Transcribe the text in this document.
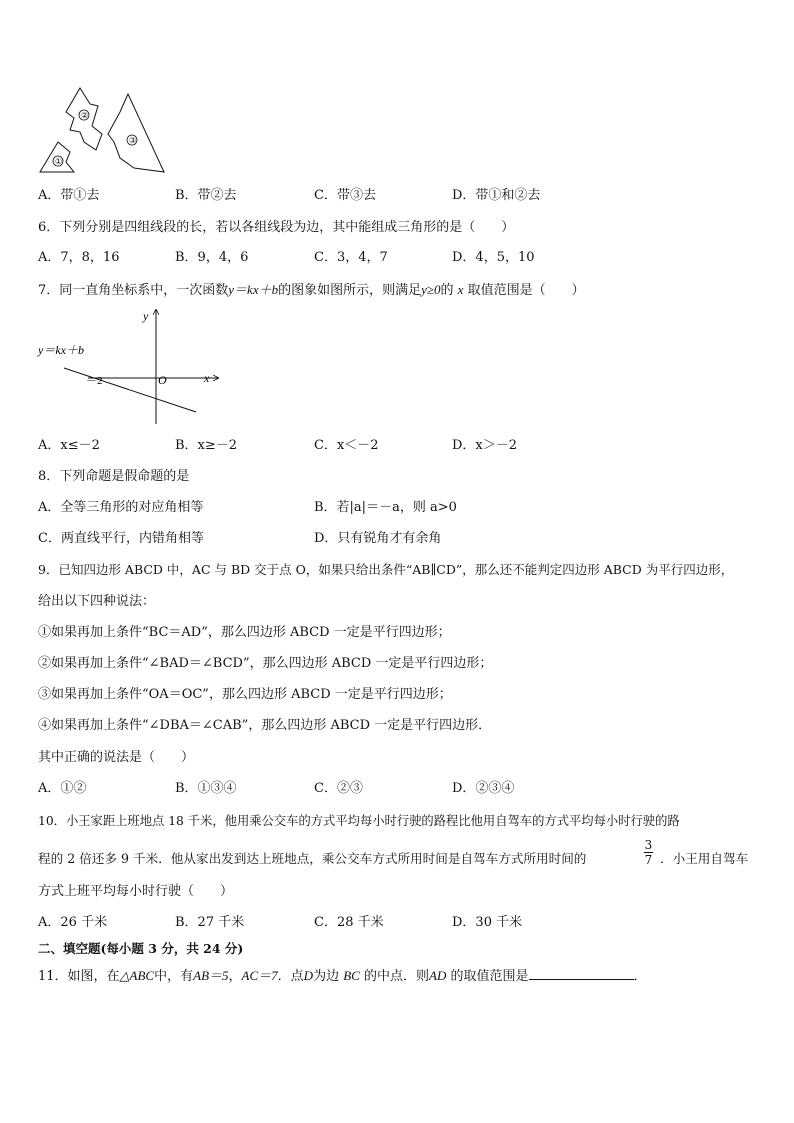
①
②
③
A．带①去	B．带②去	C．带③去	D．带①和②去
6．下列分别是四组线段的长，若以各组线段为边，其中能组成三角形的是（　　）
A．7，8，16	B．9，4，6	C．3，4，7	D．4，5，10
7．同一直角坐标系中，一次函数y＝kx＋b的图象如图所示，则满足y≥0的 x 取值范围是（　　）
y＝kx＋b
y
x
O
－2
A．x≤－2	B．x≥－2	C．x＜－2	D．x＞－2
8．下列命题是假命题的是
A．全等三角形的对应角相等	B．若|a|＝－a，则 a>0
C．两直线平行，内错角相等	D．只有锐角才有余角
9．已知四边形 ABCD 中，AC 与 BD 交于点 O，如果只给出条件“AB∥CD”，那么还不能判定四边形 ABCD 为平行四边形，
给出以下四种说法：
①如果再加上条件“BC＝AD”，那么四边形 ABCD 一定是平行四边形；
②如果再加上条件“∠BAD＝∠BCD”，那么四边形 ABCD 一定是平行四边形；
③如果再加上条件“OA＝OC”，那么四边形 ABCD 一定是平行四边形；
④如果再加上条件“∠DBA＝∠CAB”，那么四边形 ABCD 一定是平行四边形．
其中正确的说法是（　　）
A．①②	B．①③④	C．②③	D．②③④
10．小王家距上班地点 18 千米，他用乘公交车的方式平均每小时行驶的路程比他用自驾车的方式平均每小时行驶的路
程的 2 倍还多 9 千米．他从家出发到达上班地点，乘公交车方式所用时间是自驾车方式所用时间的
3
7 ．小王用自驾车
方式上班平均每小时行驶（　　）
A．26 千米	B．27 千米	C．28 千米	D．30 千米
二、填空题(每小题 3 分，共 24 分)
11．如图，在△ABC中，有AB＝5，AC＝7．点D为边 BC 的中点．则AD 的取值范围是	．
